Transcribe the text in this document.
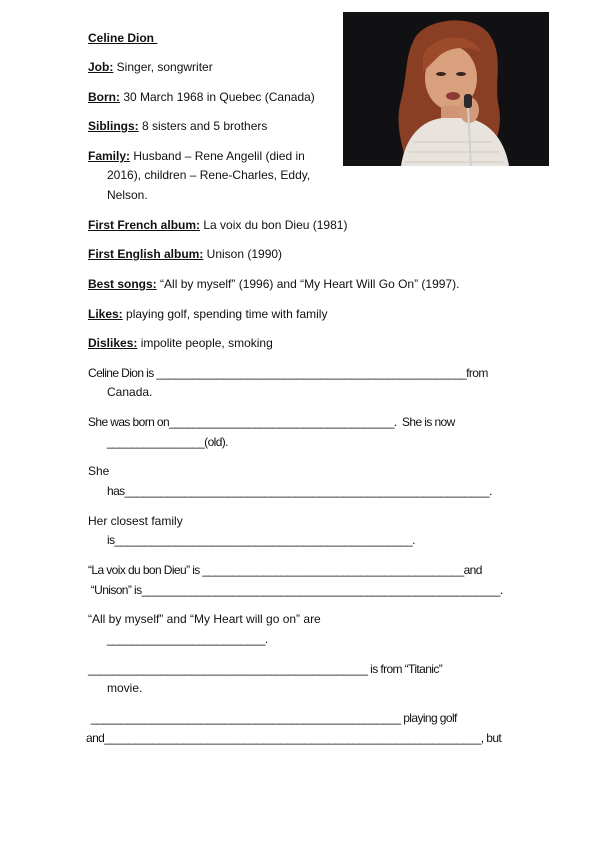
Celine Dion
Job: Singer, songwriter
Born: 30 March 1968 in Quebec (Canada)
Siblings: 8 sisters and 5 brothers
Family: Husband – Rene Angelil (died in
2016), children – Rene-Charles, Eddy,
Nelson.
First French album: La voix du bon Dieu (1981)
First English album: Unison (1990)
Best songs: “All by myself” (1996) and “My Heart Will Go On” (1997).
Likes: playing golf, spending time with family
Dislikes: impolite people, smoking
Celine Dion is ___________________________________________________from
Canada.
She was born on_____________________________________.  She is now
________________(old).
She
has____________________________________________________________.
Her closest family
is_________________________________________________.
“La voix du bon Dieu” is ___________________________________________and
“Unison” is___________________________________________________________.
“All by myself” and “My Heart will go on” are
__________________________.
______________________________________________ is from “Titanic”
movie.
___________________________________________________ playing golf
and______________________________________________________________, but
